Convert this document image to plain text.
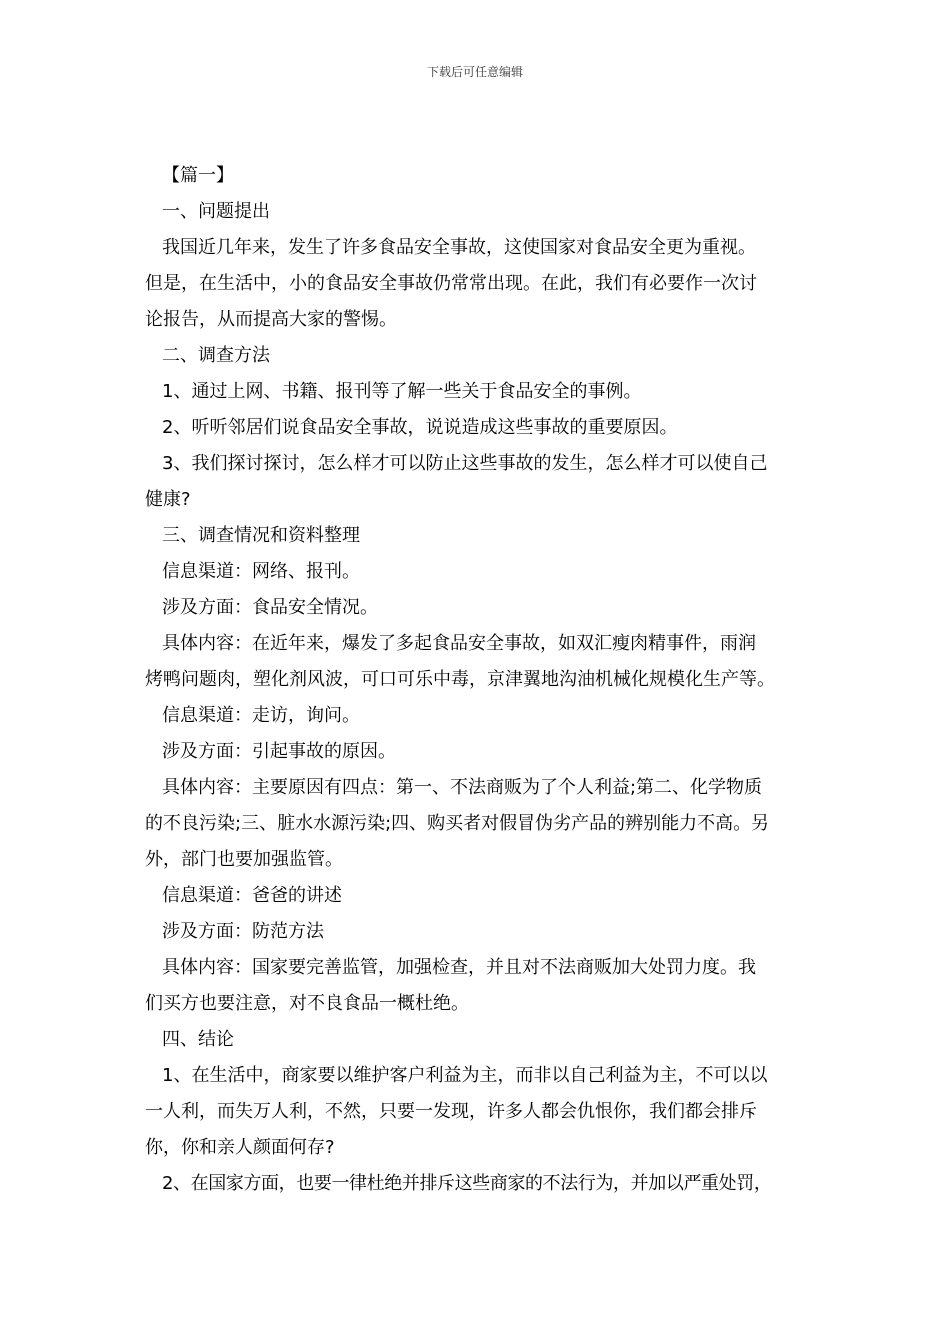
下载后可任意编辑

【篇一】

一、问题提出

我国近几年来，发生了许多食品安全事故，这使国家对食品安全更为重视。

但是，在生活中，小的食品安全事故仍常常出现。在此，我们有必要作一次讨

论报告，从而提高大家的警惕。

二、调查方法

1、通过上网、书籍、报刊等了解一些关于食品安全的事例。

2、听听邻居们说食品安全事故，说说造成这些事故的重要原因。

3、我们探讨探讨，怎么样才可以防止这些事故的发生，怎么样才可以使自己

健康?

三、调查情况和资料整理

信息渠道：网络、报刊。

涉及方面：食品安全情况。

具体内容：在近年来，爆发了多起食品安全事故，如双汇瘦肉精事件，雨润

烤鸭问题肉，塑化剂风波，可口可乐中毒，京津翼地沟油机械化规模化生产等。

信息渠道：走访，询问。

涉及方面：引起事故的原因。

具体内容：主要原因有四点：第一、不法商贩为了个人利益;第二、化学物质

的不良污染;三、脏水水源污染;四、购买者对假冒伪劣产品的辨别能力不高。另

外，部门也要加强监管。

信息渠道：爸爸的讲述

涉及方面：防范方法

具体内容：国家要完善监管，加强检查，并且对不法商贩加大处罚力度。我

们买方也要注意，对不良食品一概杜绝。

四、结论

1、在生活中，商家要以维护客户利益为主，而非以自己利益为主，不可以以

一人利，而失万人利，不然，只要一发现，许多人都会仇恨你，我们都会排斥

你，你和亲人颜面何存?

2、在国家方面，也要一律杜绝并排斥这些商家的不法行为，并加以严重处罚，
